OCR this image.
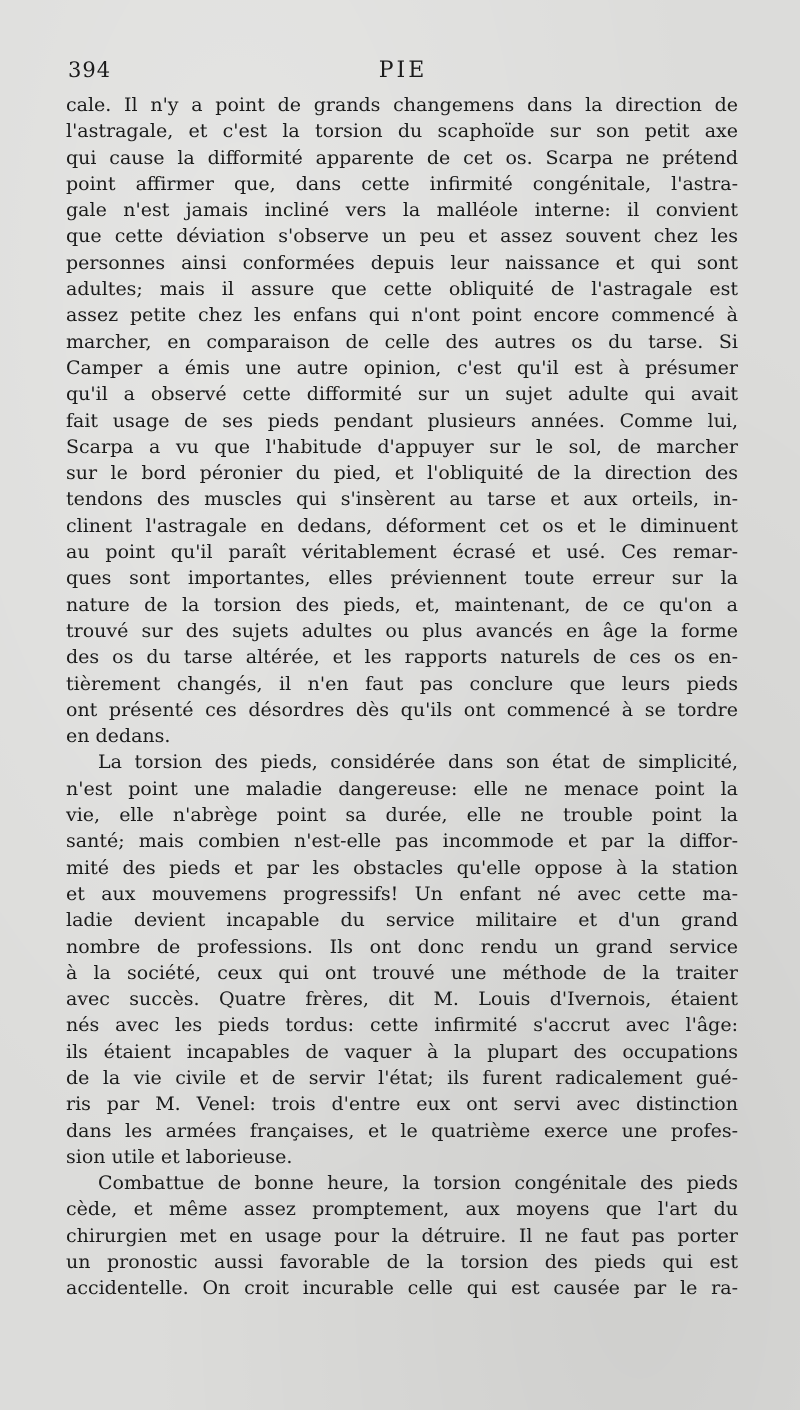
394	PIE
cale. Il n'y a point de grands changemens dans la direction de
l'astragale, et c'est la torsion du scaphoïde sur son petit axe
qui cause la difformité apparente de cet os. Scarpa ne prétend
point affirmer que, dans cette infirmité congénitale, l'astra-
gale n'est jamais incliné vers la malléole interne: il convient
que cette déviation s'observe un peu et assez souvent chez les
personnes ainsi conformées depuis leur naissance et qui sont
adultes; mais il assure que cette obliquité de l'astragale est
assez petite chez les enfans qui n'ont point encore commencé à
marcher, en comparaison de celle des autres os du tarse. Si
Camper a émis une autre opinion, c'est qu'il est à présumer
qu'il a observé cette difformité sur un sujet adulte qui avait
fait usage de ses pieds pendant plusieurs années. Comme lui,
Scarpa a vu que l'habitude d'appuyer sur le sol, de marcher
sur le bord péronier du pied, et l'obliquité de la direction des
tendons des muscles qui s'insèrent au tarse et aux orteils, in-
clinent l'astragale en dedans, déforment cet os et le diminuent
au point qu'il paraît véritablement écrasé et usé. Ces remar-
ques sont importantes, elles préviennent toute erreur sur la
nature de la torsion des pieds, et, maintenant, de ce qu'on a
trouvé sur des sujets adultes ou plus avancés en âge la forme
des os du tarse altérée, et les rapports naturels de ces os en-
tièrement changés, il n'en faut pas conclure que leurs pieds
ont présenté ces désordres dès qu'ils ont commencé à se tordre
en dedans.
La torsion des pieds, considérée dans son état de simplicité,
n'est point une maladie dangereuse: elle ne menace point la
vie, elle n'abrège point sa durée, elle ne trouble point la
santé; mais combien n'est-elle pas incommode et par la diffor-
mité des pieds et par les obstacles qu'elle oppose à la station
et aux mouvemens progressifs! Un enfant né avec cette ma-
ladie devient incapable du service militaire et d'un grand
nombre de professions. Ils ont donc rendu un grand service
à la société, ceux qui ont trouvé une méthode de la traiter
avec succès. Quatre frères, dit M. Louis d'Ivernois, étaient
nés avec les pieds tordus: cette infirmité s'accrut avec l'âge:
ils étaient incapables de vaquer à la plupart des occupations
de la vie civile et de servir l'état; ils furent radicalement gué-
ris par M. Venel: trois d'entre eux ont servi avec distinction
dans les armées françaises, et le quatrième exerce une profes-
sion utile et laborieuse.
Combattue de bonne heure, la torsion congénitale des pieds
cède, et même assez promptement, aux moyens que l'art du
chirurgien met en usage pour la détruire. Il ne faut pas porter
un pronostic aussi favorable de la torsion des pieds qui est
accidentelle. On croit incurable celle qui est causée par le ra-
